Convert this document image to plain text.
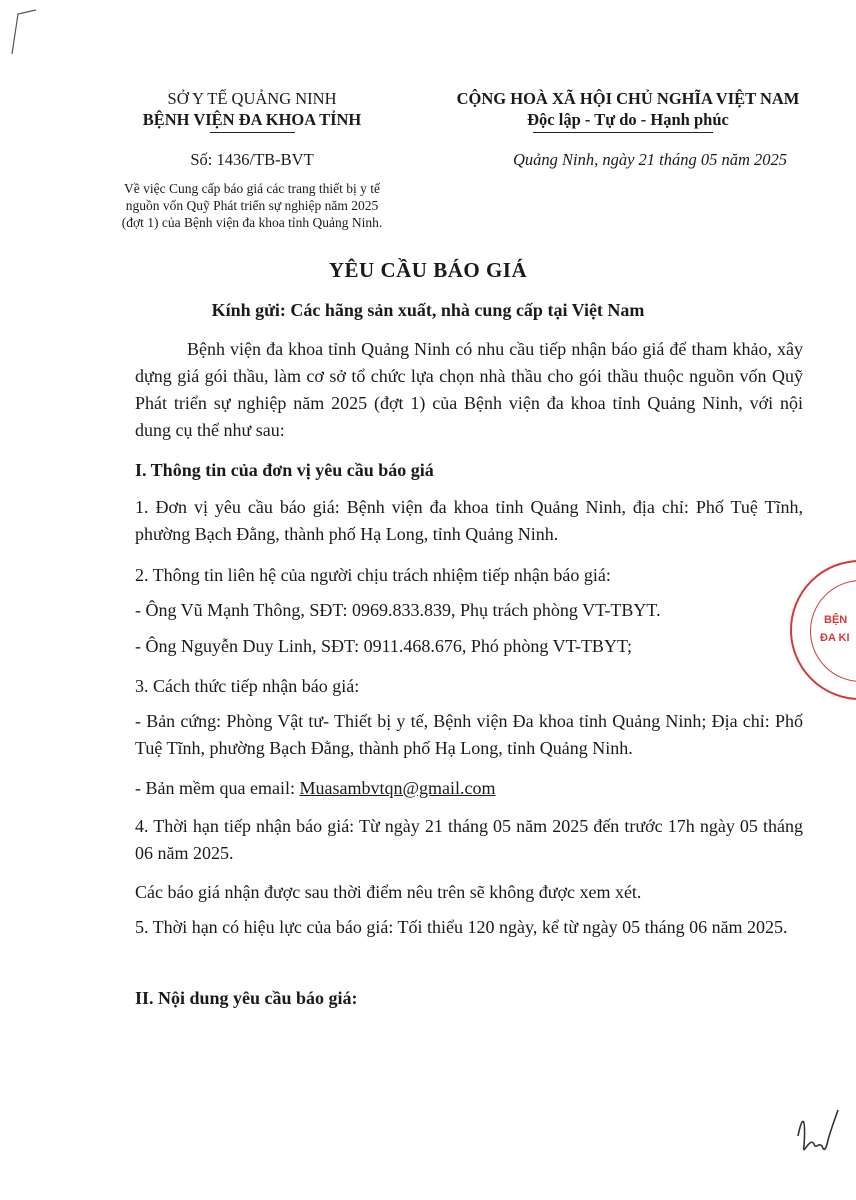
SỞ Y TẾ QUẢNG NINH
BỆNH VIỆN ĐA KHOA TỈNH
CỘNG HOÀ XÃ HỘI CHỦ NGHĨA VIỆT NAM
Độc lập - Tự do - Hạnh phúc
Số: 1436/TB-BVT	Quảng Ninh, ngày 21 tháng 05 năm 2025
Về việc Cung cấp báo giá các trang thiết bị y tế
nguồn vốn Quỹ Phát triển sự nghiệp năm 2025
(đợt 1) của Bệnh viện đa khoa tỉnh Quảng Ninh.
YÊU CẦU BÁO GIÁ
Kính gửi: Các hãng sản xuất, nhà cung cấp tại Việt Nam
Bệnh viện đa khoa tỉnh Quảng Ninh có nhu cầu tiếp nhận báo giá để tham khảo, xây dựng giá gói thầu, làm cơ sở tổ chức lựa chọn nhà thầu cho gói thầu thuộc nguồn vốn Quỹ Phát triển sự nghiệp năm 2025 (đợt 1) của Bệnh viện đa khoa tỉnh Quảng Ninh, với nội dung cụ thể như sau:
I. Thông tin của đơn vị yêu cầu báo giá
1. Đơn vị yêu cầu báo giá: Bệnh viện đa khoa tỉnh Quảng Ninh, địa chỉ: Phố Tuệ Tĩnh, phường Bạch Đằng, thành phố Hạ Long, tỉnh Quảng Ninh.
2. Thông tin liên hệ của người chịu trách nhiệm tiếp nhận báo giá:
- Ông Vũ Mạnh Thông, SĐT: 0969.833.839, Phụ trách phòng VT-TBYT.
- Ông Nguyễn Duy Linh, SĐT: 0911.468.676, Phó phòng VT-TBYT;
3. Cách thức tiếp nhận báo giá:
- Bản cứng: Phòng Vật tư- Thiết bị y tế, Bệnh viện Đa khoa tỉnh Quảng Ninh; Địa chỉ: Phố Tuệ Tĩnh, phường Bạch Đằng, thành phố Hạ Long, tỉnh Quảng Ninh.
- Bản mềm qua email: Muasambvtqn@gmail.com
4. Thời hạn tiếp nhận báo giá: Từ ngày 21 tháng 05 năm 2025 đến trước 17h ngày 05 tháng 06 năm 2025.
Các báo giá nhận được sau thời điểm nêu trên sẽ không được xem xét.
5. Thời hạn có hiệu lực của báo giá: Tối thiểu 120 ngày, kể từ ngày 05 tháng 06 năm 2025.
II. Nội dung yêu cầu báo giá:
BỆN
ĐA KI
